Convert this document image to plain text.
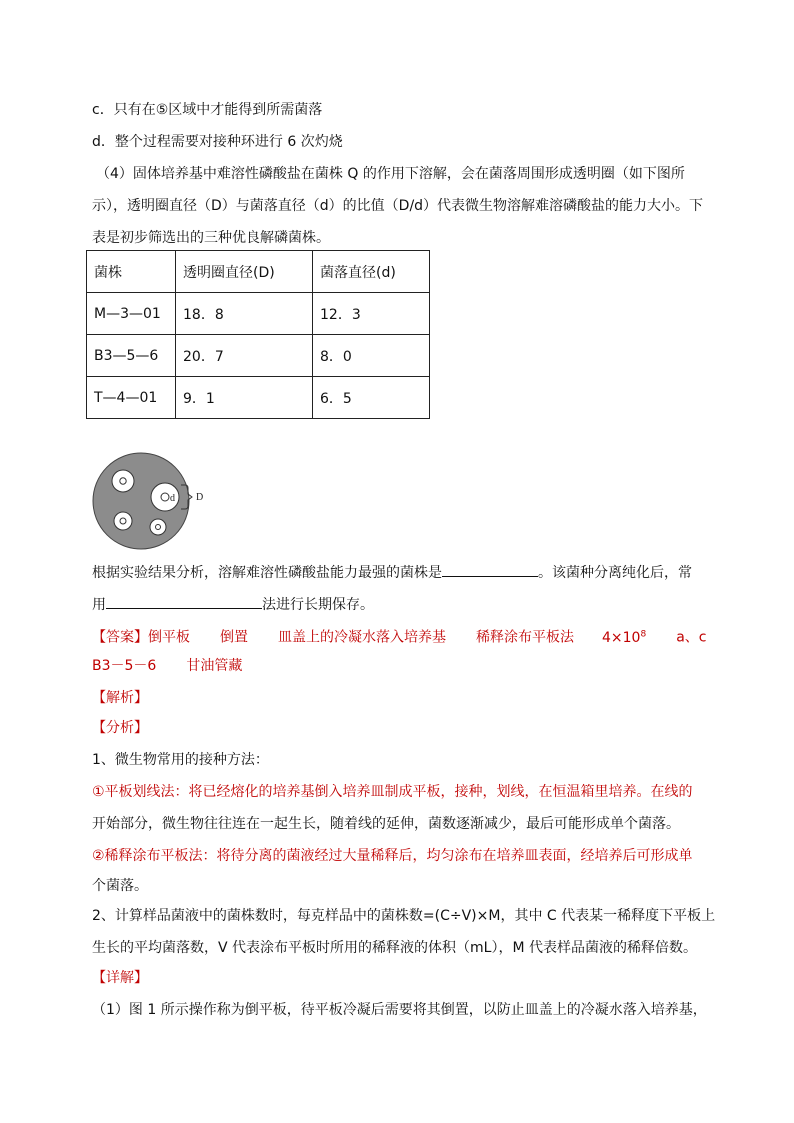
c．只有在⑤区域中才能得到所需菌落
d．整个过程需要对接种环进行 6 次灼烧
（4）固体培养基中难溶性磷酸盐在菌株 Q 的作用下溶解，会在菌落周围形成透明圈（如下图所
示），透明圈直径（D）与菌落直径（d）的比值（D/d）代表微生物溶解难溶磷酸盐的能力大小。下
表是初步筛选出的三种优良解磷菌株。
菌株	透明圈直径(D)	菌落直径(d)
M—3—01	18．8	12．3
B3—5—6	20．7	8．0
T—4—01	9．1	6．5
d D
根据实验结果分析，溶解难溶性磷酸盐能力最强的菌株是	。该菌种分离纯化后，常
用	法进行长期保存。
【答案】倒平板 倒置 皿盖上的冷凝水落入培养基 稀释涂布平板法 $4\times 10^8$ a、c
B3－5－6 甘油管藏
【解析】
【分析】
1、微生物常用的接种方法：
①平板划线法：将已经熔化的培养基倒入培养皿制成平板，接种，划线，在恒温箱里培养。在线的
开始部分，微生物往往连在一起生长，随着线的延伸，菌数逐渐减少，最后可能形成单个菌落。
②稀释涂布平板法：将待分离的菌液经过大量稀释后，均匀涂布在培养皿表面，经培养后可形成单
个菌落。
2、计算样品菌液中的菌株数时，每克样品中的菌株数=(C÷V)×M，其中 C 代表某一稀释度下平板上
生长的平均菌落数，V 代表涂布平板时所用的稀释液的体积（mL），M 代表样品菌液的稀释倍数。
【详解】
（1）图 1 所示操作称为倒平板，待平板冷凝后需要将其倒置，以防止皿盖上的冷凝水落入培养基，
